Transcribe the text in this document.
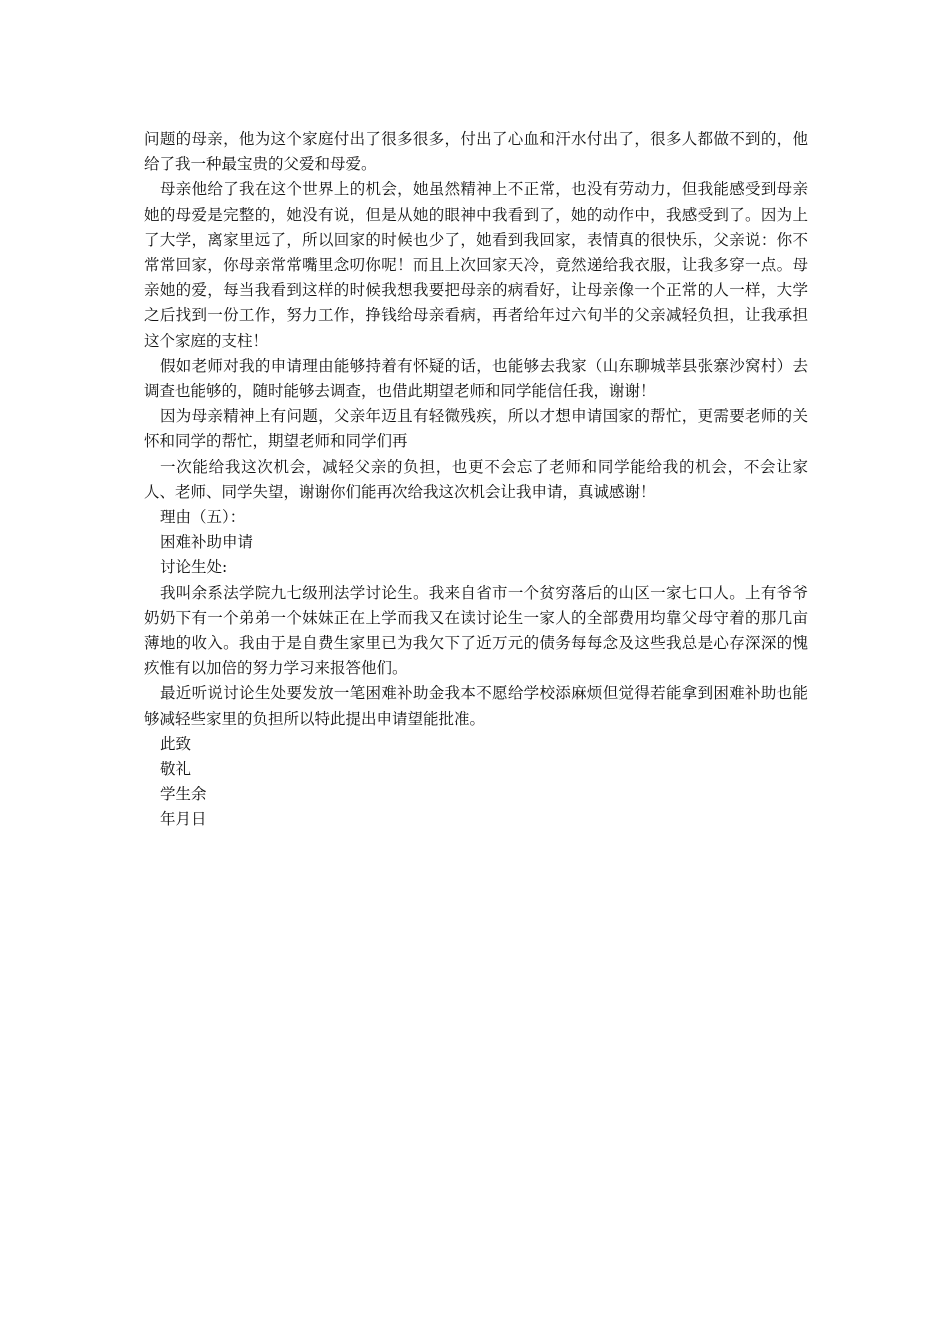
问题的母亲，他为这个家庭付出了很多很多，付出了心血和汗水付出了，很多人都做不到的，他给了我一种最宝贵的父爱和母爱。

母亲他给了我在这个世界上的机会，她虽然精神上不正常，也没有劳动力，但我能感受到母亲她的母爱是完整的，她没有说，但是从她的眼神中我看到了，她的动作中，我感受到了。因为上了大学，离家里远了，所以回家的时候也少了，她看到我回家，表情真的很快乐，父亲说：你不常常回家，你母亲常常嘴里念叨你呢！而且上次回家天冷，竟然递给我衣服，让我多穿一点。母亲她的爱，每当我看到这样的时候我想我要把母亲的病看好，让母亲像一个正常的人一样，大学之后找到一份工作，努力工作，挣钱给母亲看病，再者给年过六旬半的父亲减轻负担，让我承担这个家庭的支柱！

假如老师对我的申请理由能够持着有怀疑的话，也能够去我家（山东聊城莘县张寨沙窝村）去调查也能够的，随时能够去调查，也借此期望老师和同学能信任我，谢谢！

因为母亲精神上有问题，父亲年迈且有轻微残疾，所以才想申请国家的帮忙，更需要老师的关怀和同学的帮忙，期望老师和同学们再

一次能给我这次机会，减轻父亲的负担，也更不会忘了老师和同学能给我的机会，不会让家人、老师、同学失望，谢谢你们能再次给我这次机会让我申请，真诚感谢！

理由（五）：

困难补助申请

讨论生处:

我叫余系法学院九七级刑法学讨论生。我来自省市一个贫穷落后的山区一家七口人。上有爷爷奶奶下有一个弟弟一个妹妹正在上学而我又在读讨论生一家人的全部费用均靠父母守着的那几亩薄地的收入。我由于是自费生家里已为我欠下了近万元的债务每每念及这些我总是心存深深的愧疚惟有以加倍的努力学习来报答他们。

最近听说讨论生处要发放一笔困难补助金我本不愿给学校添麻烦但觉得若能拿到困难补助也能够减轻些家里的负担所以特此提出申请望能批准。

此致

敬礼

学生余

年月日
